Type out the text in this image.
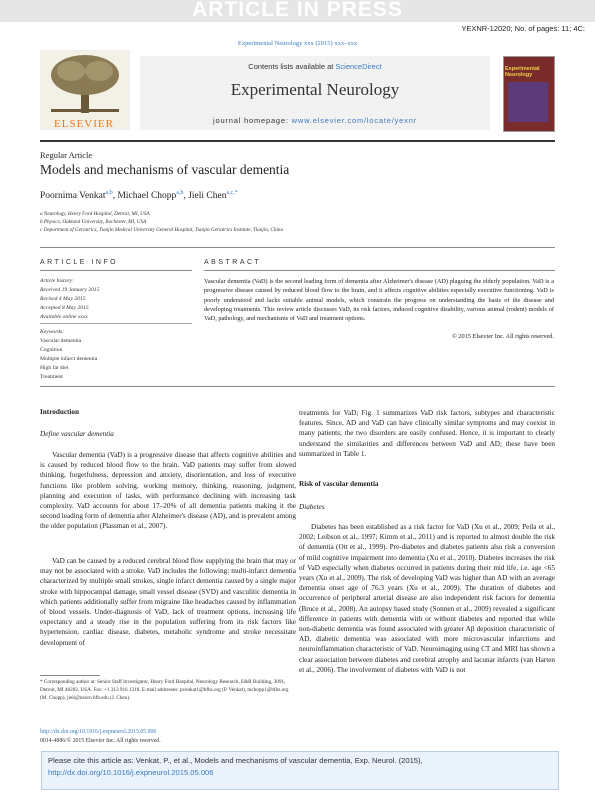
ARTICLE IN PRESS
YEXNR-12020; No. of pages: 11; 4C:
Experimental Neurology xxx (2015) xxx–xxx
ELSEVIER
Contents lists available at ScienceDirect
Experimental Neurology
journal homepage: www.elsevier.com/locate/yexnr
Experimental Neurology
Regular Article
Models and mechanisms of vascular dementia
Poornima Venkat$^{a,b}$, Michael Chopp$^{a,b}$, Jieli Chen$^{a,c,*}$
a Neurology, Henry Ford Hospital, Detroit, MI, USA
b Physics, Oakland University, Rochester, MI, USA
c Department of Geriatrics, Tianjin Medical University General Hospital, Tianjin Geriatrics Institute, Tianjin, China
ARTICLE INFO	ABSTRACT
Article history:
Received 19 January 2015
Revised 4 May 2015
Accepted 8 May 2015
Available online xxxx
Keywords:
Vascular dementia
Cognition
Multiple infarct dementia
High fat diet
Treatment
Vascular dementia (VaD) is the second leading form of dementia after Alzheimer's disease (AD) plaguing the elderly population. VaD is a progressive disease caused by reduced blood flow to the brain, and it affects cognitive abilities especially executive functioning. VaD is poorly understood and lacks suitable animal models, which constrain the progress on understanding the basis of the disease and developing treatments. This review article discusses VaD, its risk factors, induced cognitive disability, various animal (rodent) models of VaD, pathology, and mechanisms of VaD and treatment options.
© 2015 Elsevier Inc. All rights reserved.
Introduction
Define vascular dementia
Vascular dementia (VaD) is a progressive disease that affects cognitive abilities and is caused by reduced blood flow to the brain. VaD patients may suffer from slowed thinking, forgetfulness, depression and anxiety, disorientation, and loss of executive functions like problem solving, working memory, thinking, reasoning, judgment, planning and execution of tasks, with performance declining with increasing task complexity. VaD accounts for about 17–20% of all dementia patients making it the second leading form of dementia after Alzheimer's disease (AD), and is prevalent among the older population (Plassman et al., 2007).
VaD can be caused by a reduced cerebral blood flow supplying the brain that may or may not be associated with a stroke. VaD includes the following: multi-infarct dementia characterized by multiple small strokes, single infarct dementia caused by a single major stroke with hippocampal damage, small vessel disease (SVD) and vasculitic dementia in which patients additionally suffer from migraine like headaches caused by inflammation of blood vessels. Under-diagnosis of VaD, lack of treatment options, increasing life expectancy and a steady rise in the population suffering from its risk factors like hypertension, cardiac disease, diabetes, metabolic syndrome and stroke necessitate development of
* Corresponding author at: Senior Staff Investigator, Henry Ford Hospital, Neurology Research, E&R Building, 3091, Detroit, MI 48202, USA. Fax: +1 313 916 1318. E-mail addresses: pvenkat1@hfhs.org (P. Venkat), mchopp1@hfhs.org (M. Chopp), jieli@neuro.hfh.edu (J. Chen).
http://dx.doi.org/10.1016/j.expneurol.2015.05.006
0014-4886/© 2015 Elsevier Inc. All rights reserved.
treatments for VaD; Fig. 1 summarizes VaD risk factors, subtypes and characteristic features. Since, AD and VaD can have clinically similar symptoms and may coexist in many patients; the two disorders are easily confused. Hence, it is important to clearly understand the similarities and differences between VaD and AD; these have been summarized in Table 1.
Risk of vascular dementia
Diabetes
Diabetes has been established as a risk factor for VaD (Xu et al., 2009; Peila et al., 2002; Leibson et al., 1997; Kimm et al., 2011) and is reported to almost double the risk of dementia (Ott et al., 1999). Pre-diabetes and diabetes patients also risk a conversion of mild cognitive impairment into dementia (Xu et al., 2010). Diabetes increases the risk of VaD especially when diabetes occurred in patients during their mid life, i.e. age <65 years (Xu et al., 2009). The risk of developing VaD was higher than AD with an average dementia onset age of 76.3 years (Xu et al., 2009). The duration of diabetes and occurrence of peripheral arterial disease are also independent risk factors for dementia (Bruce et al., 2008). An autopsy based study (Sonnen et al., 2009) revealed a significant difference in patients with dementia with or without diabetes and reported that while non-diabetic dementia was found associated with greater Aβ deposition characteristic of AD, diabetic dementia was associated with more microvascular infarctions and neuroinflammation characteristic of VaD. Neuroimaging using CT and MRI has shown a clear association between diabetes and cerebral atrophy and lacunar infarcts (van Harten et al., 2006). The involvement of diabetes with VaD is not
Please cite this article as: Venkat, P., et al., Models and mechanisms of vascular dementia, Exp. Neurol. (2015), http://dx.doi.org/10.1016/j.expneurol.2015.05.006
